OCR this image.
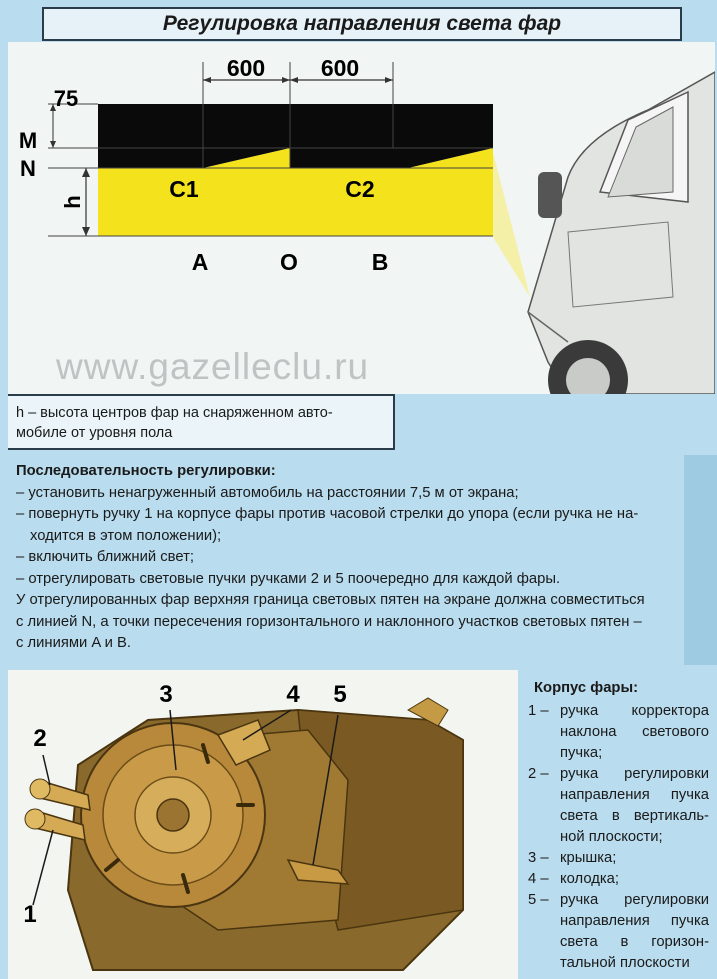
Регулировка направления света фар
600 600
75
M
N
h	C1	C2
A	O	B
www.gazelleclu.ru
h – высота центров фар на снаряженном авто-
мобиле от уровня пола
Последовательность регулировки:
– установить ненагруженный автомобиль на расстоянии 7,5 м от экрана;
– повернуть ручку 1 на корпусе фары против часовой стрелки до упора (если ручка не на-
ходится в этом положении);
– включить ближний свет;
– отрегулировать световые пучки ручками 2 и 5 поочередно для каждой фары.
У отрегулированных фар верхняя граница световых пятен на экране должна совместиться
с линией N, а точки пересечения горизонтального и наклонного участков световых пятен –
с линиями A и B.
2
3	4 5
1
Корпус фары:
1 – ручка корректора наклона светового пучка;
2 – ручка регулировки направления пучка света в вертикаль-ной плоскости;
3 – крышка;
4 – колодка;
5 – ручка регулировки направления пучка света в горизон-тальной плоскости
